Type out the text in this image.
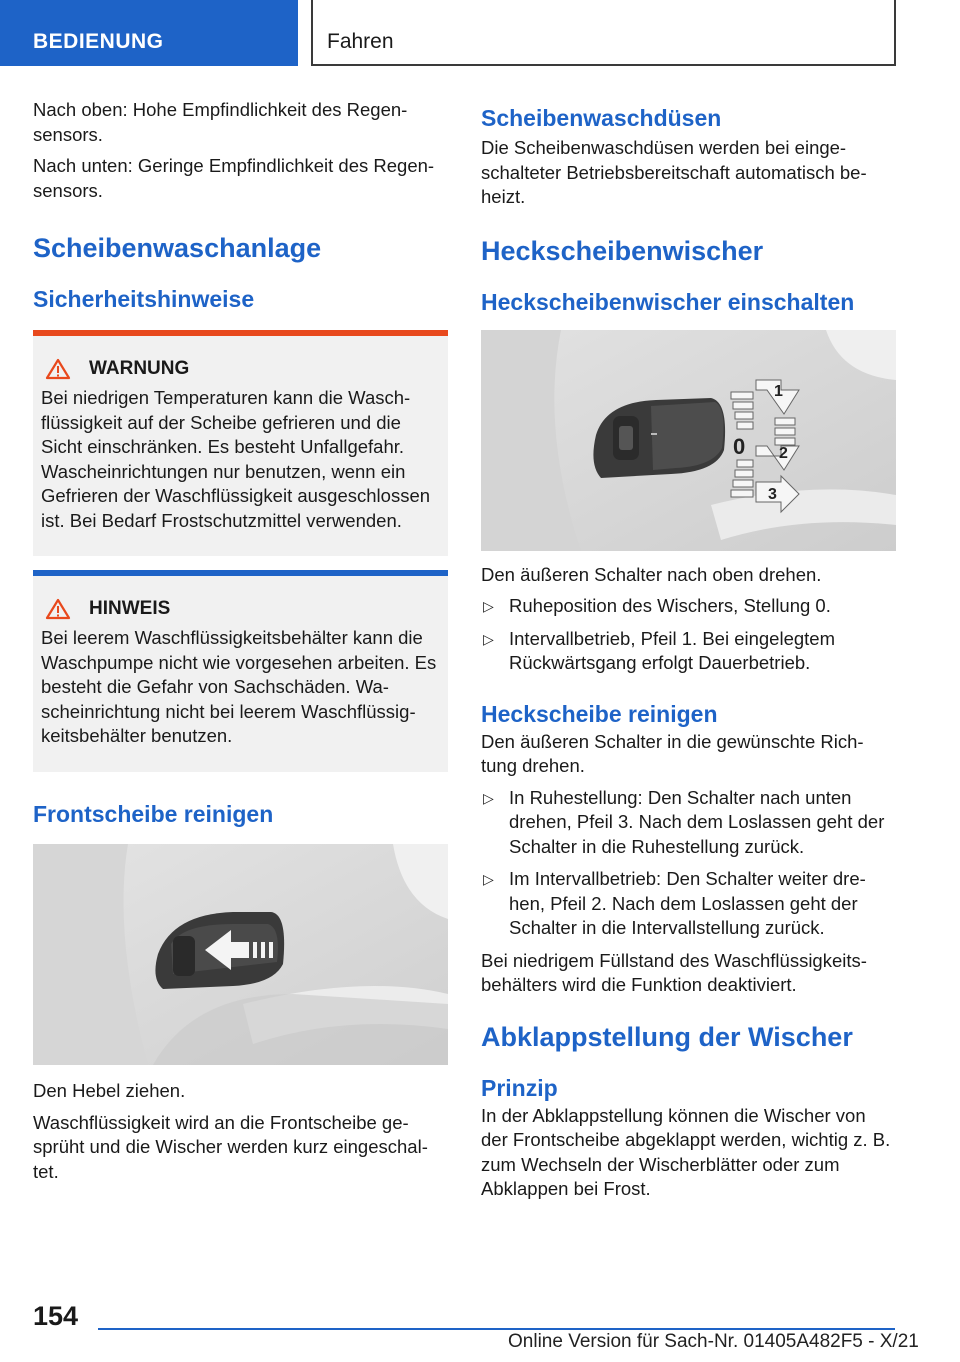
BEDIENUNG	Fahren

Nach oben: Hohe Empfindlichkeit des Regen‐sensors.

Nach unten: Geringe Empfindlichkeit des Regen‐sensors.

Scheibenwaschanlage
Sicherheitshinweise
WARNUNG

Bei niedrigen Temperaturen kann die Wasch‐flüssigkeit auf der Scheibe gefrieren und die Sicht einschränken. Es besteht Unfallgefahr. Wascheinrichtungen nur benutzen, wenn ein Gefrieren der Waschflüssigkeit ausgeschlossen ist. Bei Bedarf Frostschutzmittel verwenden.

HINWEIS

Bei leerem Waschflüssigkeitsbehälter kann die Waschpumpe nicht wie vorgesehen arbeiten. Es besteht die Gefahr von Sachschäden. Wa‐scheinrichtung nicht bei leerem Waschflüssig‐keitsbehälter benutzen.

Frontscheibe reinigen

Den Hebel ziehen.

Waschflüssigkeit wird an die Frontscheibe ge‐sprüht und die Wischer werden kurz eingeschal‐tet.

Scheibenwaschdüsen

Die Scheibenwaschdüsen werden bei einge‐schalteter Betriebsbereitschaft automatisch be‐heizt.

Heckscheibenwischer
Heckscheibenwischer einschalten
1
0 2
3

Den äußeren Schalter nach oben drehen.

▷ Ruheposition des Wischers, Stellung 0.
▷ Intervallbetrieb, Pfeil 1. Bei eingelegtem Rückwärtsgang erfolgt Dauerbetrieb.
Heckscheibe reinigen

Den äußeren Schalter in die gewünschte Rich‐tung drehen.

▷ In Ruhestellung: Den Schalter nach unten drehen, Pfeil 3. Nach dem Loslassen geht der Schalter in die Ruhestellung zurück.
▷ Im Intervallbetrieb: Den Schalter weiter dre‐hen, Pfeil 2. Nach dem Loslassen geht der Schalter in die Intervallstellung zurück.

Bei niedrigem Füllstand des Waschflüssigkeits‐behälters wird die Funktion deaktiviert.

Abklappstellung der Wischer
Prinzip

In der Abklappstellung können die Wischer von der Frontscheibe abgeklappt werden, wichtig z. B. zum Wechseln der Wischerblätter oder zum Abklappen bei Frost.

154
Online Version für Sach-Nr. 01405A482F5 - X/21
